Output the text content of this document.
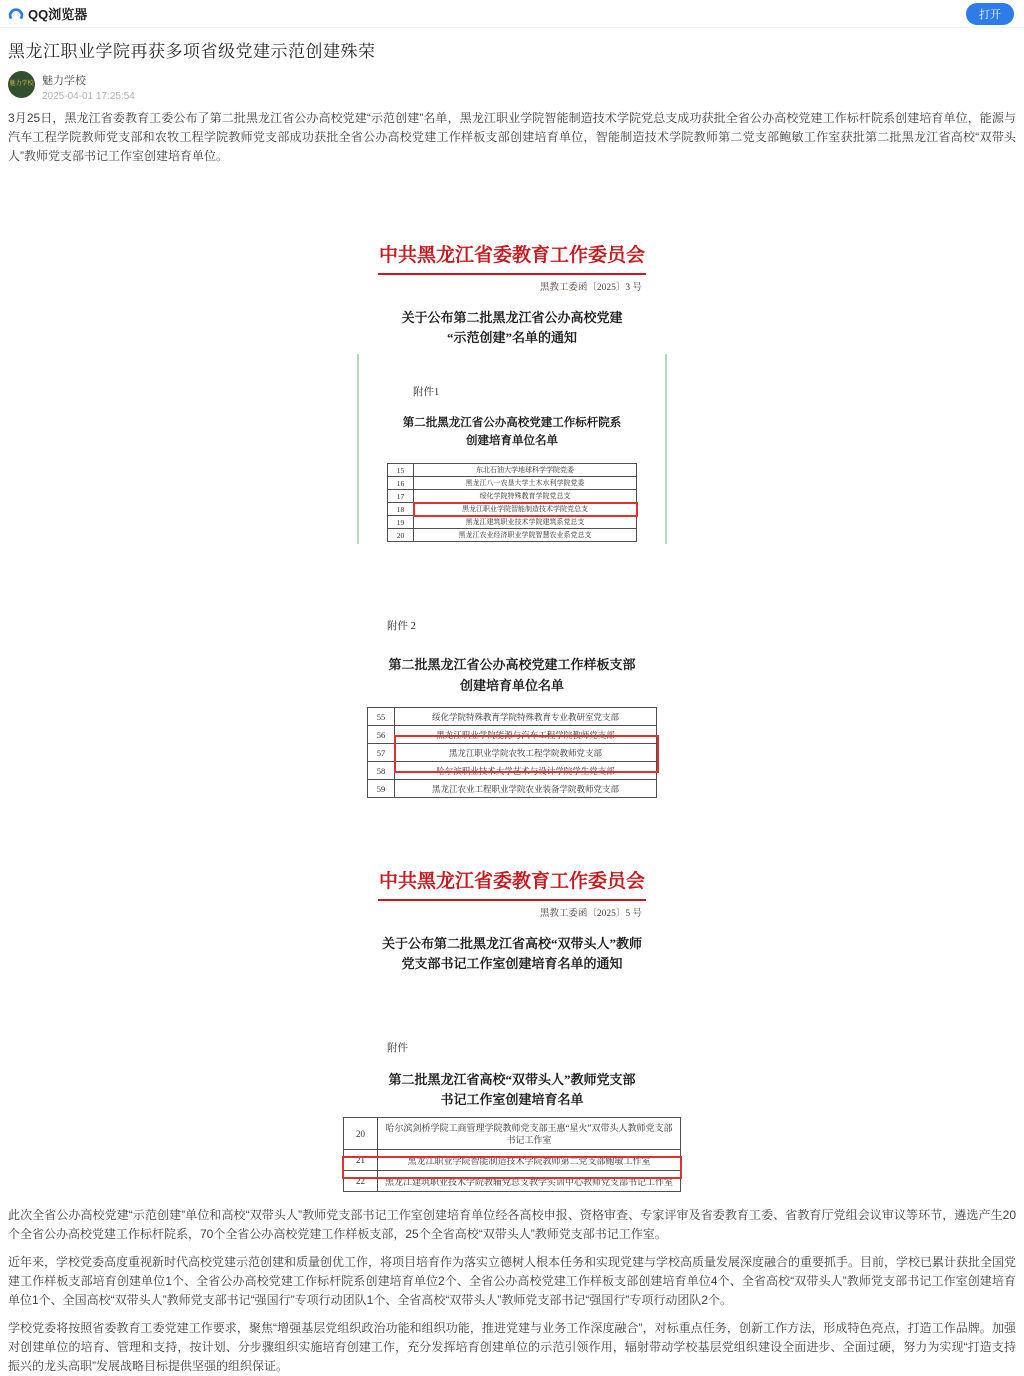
QQ浏览器	打开
黑龙江职业学院再获多项省级党建示范创建殊荣
魅力学校 魅力学校
2025-04-01 17:25:54

3月25日，黑龙江省委教育工委公布了第二批黑龙江省公办高校党建“示范创建”名单，黑龙江职业学院智能制造技术学院党总支成功获批全省公办高校党建工作标杆院系创建培育单位，能源与汽车工程学院教师党支部和农牧工程学院教师党支部成功获批全省公办高校党建工作样板支部创建培育单位，智能制造技术学院教师第二党支部鲍敏工作室获批第二批黑龙江省高校“双带头人”教师党支部书记工作室创建培育单位。

中共黑龙江省委教育工作委员会
黑教工委函〔2025〕3 号
关于公布第二批黑龙江省公办高校党建
“示范创建”名单的通知
附件1
第二批黑龙江省公办高校党建工作标杆院系
创建培育单位名单
15	东北石油大学地球科学学院党委
16	黑龙江八一农垦大学土木水利学院党委
17	绥化学院特殊教育学院党总支
18	黑龙江职业学院智能制造技术学院党总支
19	黑龙江建筑职业技术学院建筑系党总支
20	黑龙江农业经济职业学院智慧农业系党总支
附件 2
第二批黑龙江省公办高校党建工作样板支部
创建培育单位名单
55	绥化学院特殊教育学院特殊教育专业教研室党支部
56	黑龙江职业学院能源与汽车工程学院教师党支部
57	黑龙江职业学院农牧工程学院教师党支部
58	哈尔滨职业技术大学艺术与设计学院学生党支部
59	黑龙江农业工程职业学院农业装备学院教师党支部
中共黑龙江省委教育工作委员会
黑教工委函〔2025〕5 号
关于公布第二批黑龙江省高校“双带头人”教师
党支部书记工作室创建培育名单的通知
附件
第二批黑龙江省高校“双带头人”教师党支部
书记工作室创建培育名单
20	哈尔滨剑桥学院工商管理学院教师党支部王惠“星火”双带头人教师党支部书记工作室
21	黑龙江职业学院智能制造技术学院教师第二党支部鲍敏工作室
22	黑龙江建筑职业技术学院教辅党总支教学实训中心教师党支部书记工作室

此次全省公办高校党建“示范创建”单位和高校“双带头人”教师党支部书记工作室创建培育单位经各高校申报、资格审查、专家评审及省委教育工委、省教育厅党组会议审议等环节，遴选产生20个全省公办高校党建工作标杆院系，70个全省公办高校党建工作样板支部，25个全省高校“双带头人”教师党支部书记工作室。

近年来，学校党委高度重视新时代高校党建示范创建和质量创优工作，将项目培育作为落实立德树人根本任务和实现党建与学校高质量发展深度融合的重要抓手。目前，学校已累计获批全国党建工作样板支部培育创建单位1个、全省公办高校党建工作标杆院系创建培育单位2个、全省公办高校党建工作样板支部创建培育单位4个、全省高校“双带头人”教师党支部书记工作室创建培育单位1个、全国高校“双带头人”教师党支部书记“强国行”专项行动团队1个、全省高校“双带头人”教师党支部书记“强国行”专项行动团队2个。

学校党委将按照省委教育工委党建工作要求，聚焦“增强基层党组织政治功能和组织功能，推进党建与业务工作深度融合”，对标重点任务，创新工作方法，形成特色亮点，打造工作品牌。加强对创建单位的培育、管理和支持，按计划、分步骤组织实施培育创建工作，充分发挥培育创建单位的示范引领作用，辐射带动学校基层党组织建设全面进步、全面过硬，努力为实现“打造支持振兴的龙头高职”发展战略目标提供坚强的组织保证。
